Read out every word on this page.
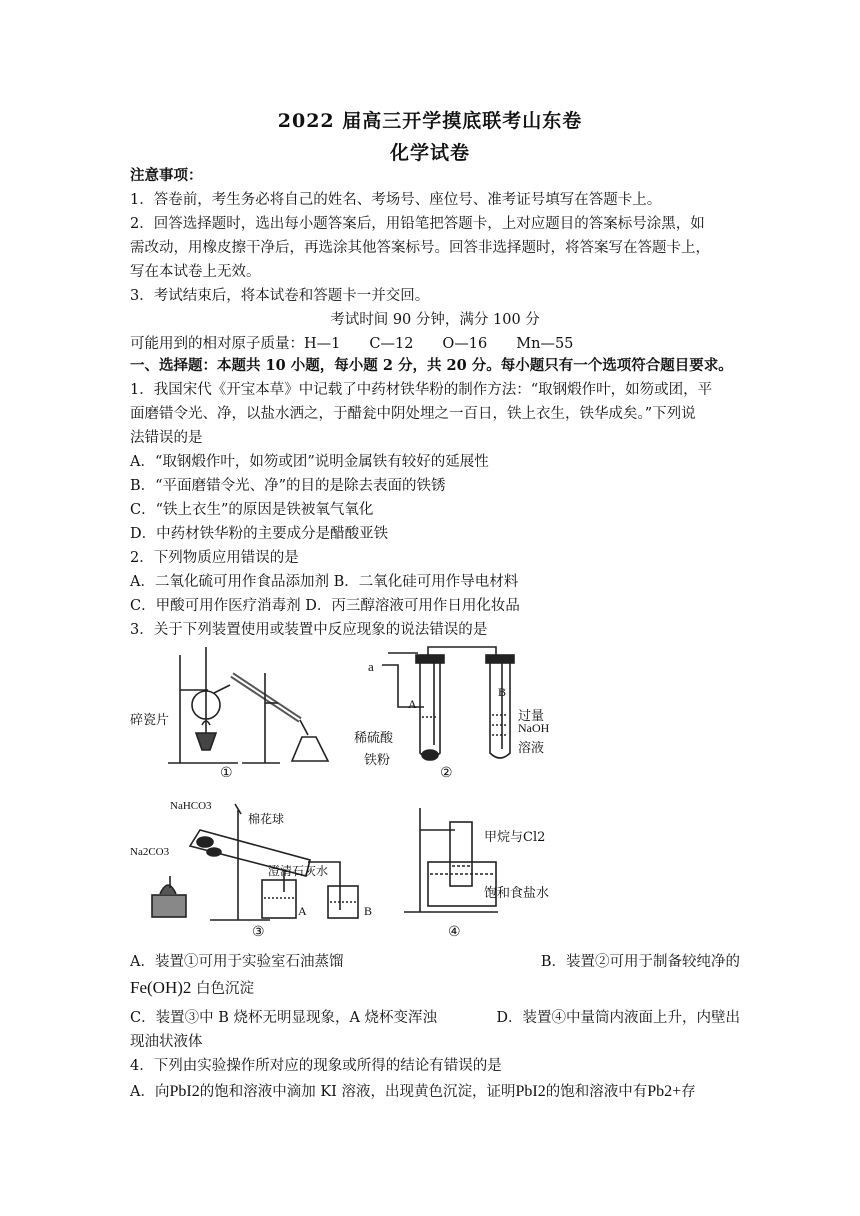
2022 届高三开学摸底联考山东卷
化学试卷
注意事项：
1．答卷前，考生务必将自己的姓名、考场号、座位号、准考证号填写在答题卡上。
2．回答选择题时，选出每小题答案后，用铅笔把答题卡，上对应题目的答案标号涂黑，如
需改动，用橡皮擦干净后，再选涂其他答案标号。回答非选择题时，将答案写在答题卡上，
写在本试卷上无效。
3．考试结束后，将本试卷和答题卡一并交回。
考试时间 90 分钟，满分 100 分
可能用到的相对原子质量：H—1　　C—12　　O—16　　Mn—55
一、选择题：本题共 10 小题，每小题 2 分，共 20 分。每小题只有一个选项符合题目要求。
1．我国宋代《开宝本草》中记载了中药材铁华粉的制作方法：“取钢煅作叶，如笏或团，平
面磨错令光、净，以盐水洒之，于醋瓮中阴处埋之一百日，铁上衣生，铁华成矣。”下列说
法错误的是
A．“取钢煅作叶，如笏或团”说明金属铁有较好的延展性
B．“平面磨错令光、净”的目的是除去表面的铁锈
C．“铁上衣生”的原因是铁被氧气氧化
D．中药材铁华粉的主要成分是醋酸亚铁
2．下列物质应用错误的是
A．二氧化硫可用作食品添加剂 B．二氧化硅可用作导电材料
C．甲酸可用作医疗消毒剂 D．丙三醇溶液可用作日用化妆品
3．关于下列装置使用或装置中反应现象的说法错误的是
碎瓷片
①
a
A
B
稀硫酸
铁粉
过量
NaOH
溶液
②
NaHCO3
Na2CO3
棉花球
澄清石灰水
A	B
③
甲烷与Cl2
饱和食盐水
④
A．装置①可用于实验室石油蒸馏	B．装置②可用于制备较纯净的
Fe(OH)2 白色沉淀
C．装置③中 B 烧杯无明显现象，A 烧杯变浑浊	D．装置④中量筒内液面上升，内壁出
现油状液体
4．下列由实验操作所对应的现象或所得的结论有错误的是
A．向PbI2的饱和溶液中滴加 KI 溶液，出现黄色沉淀，证明PbI2的饱和溶液中有Pb2+存
